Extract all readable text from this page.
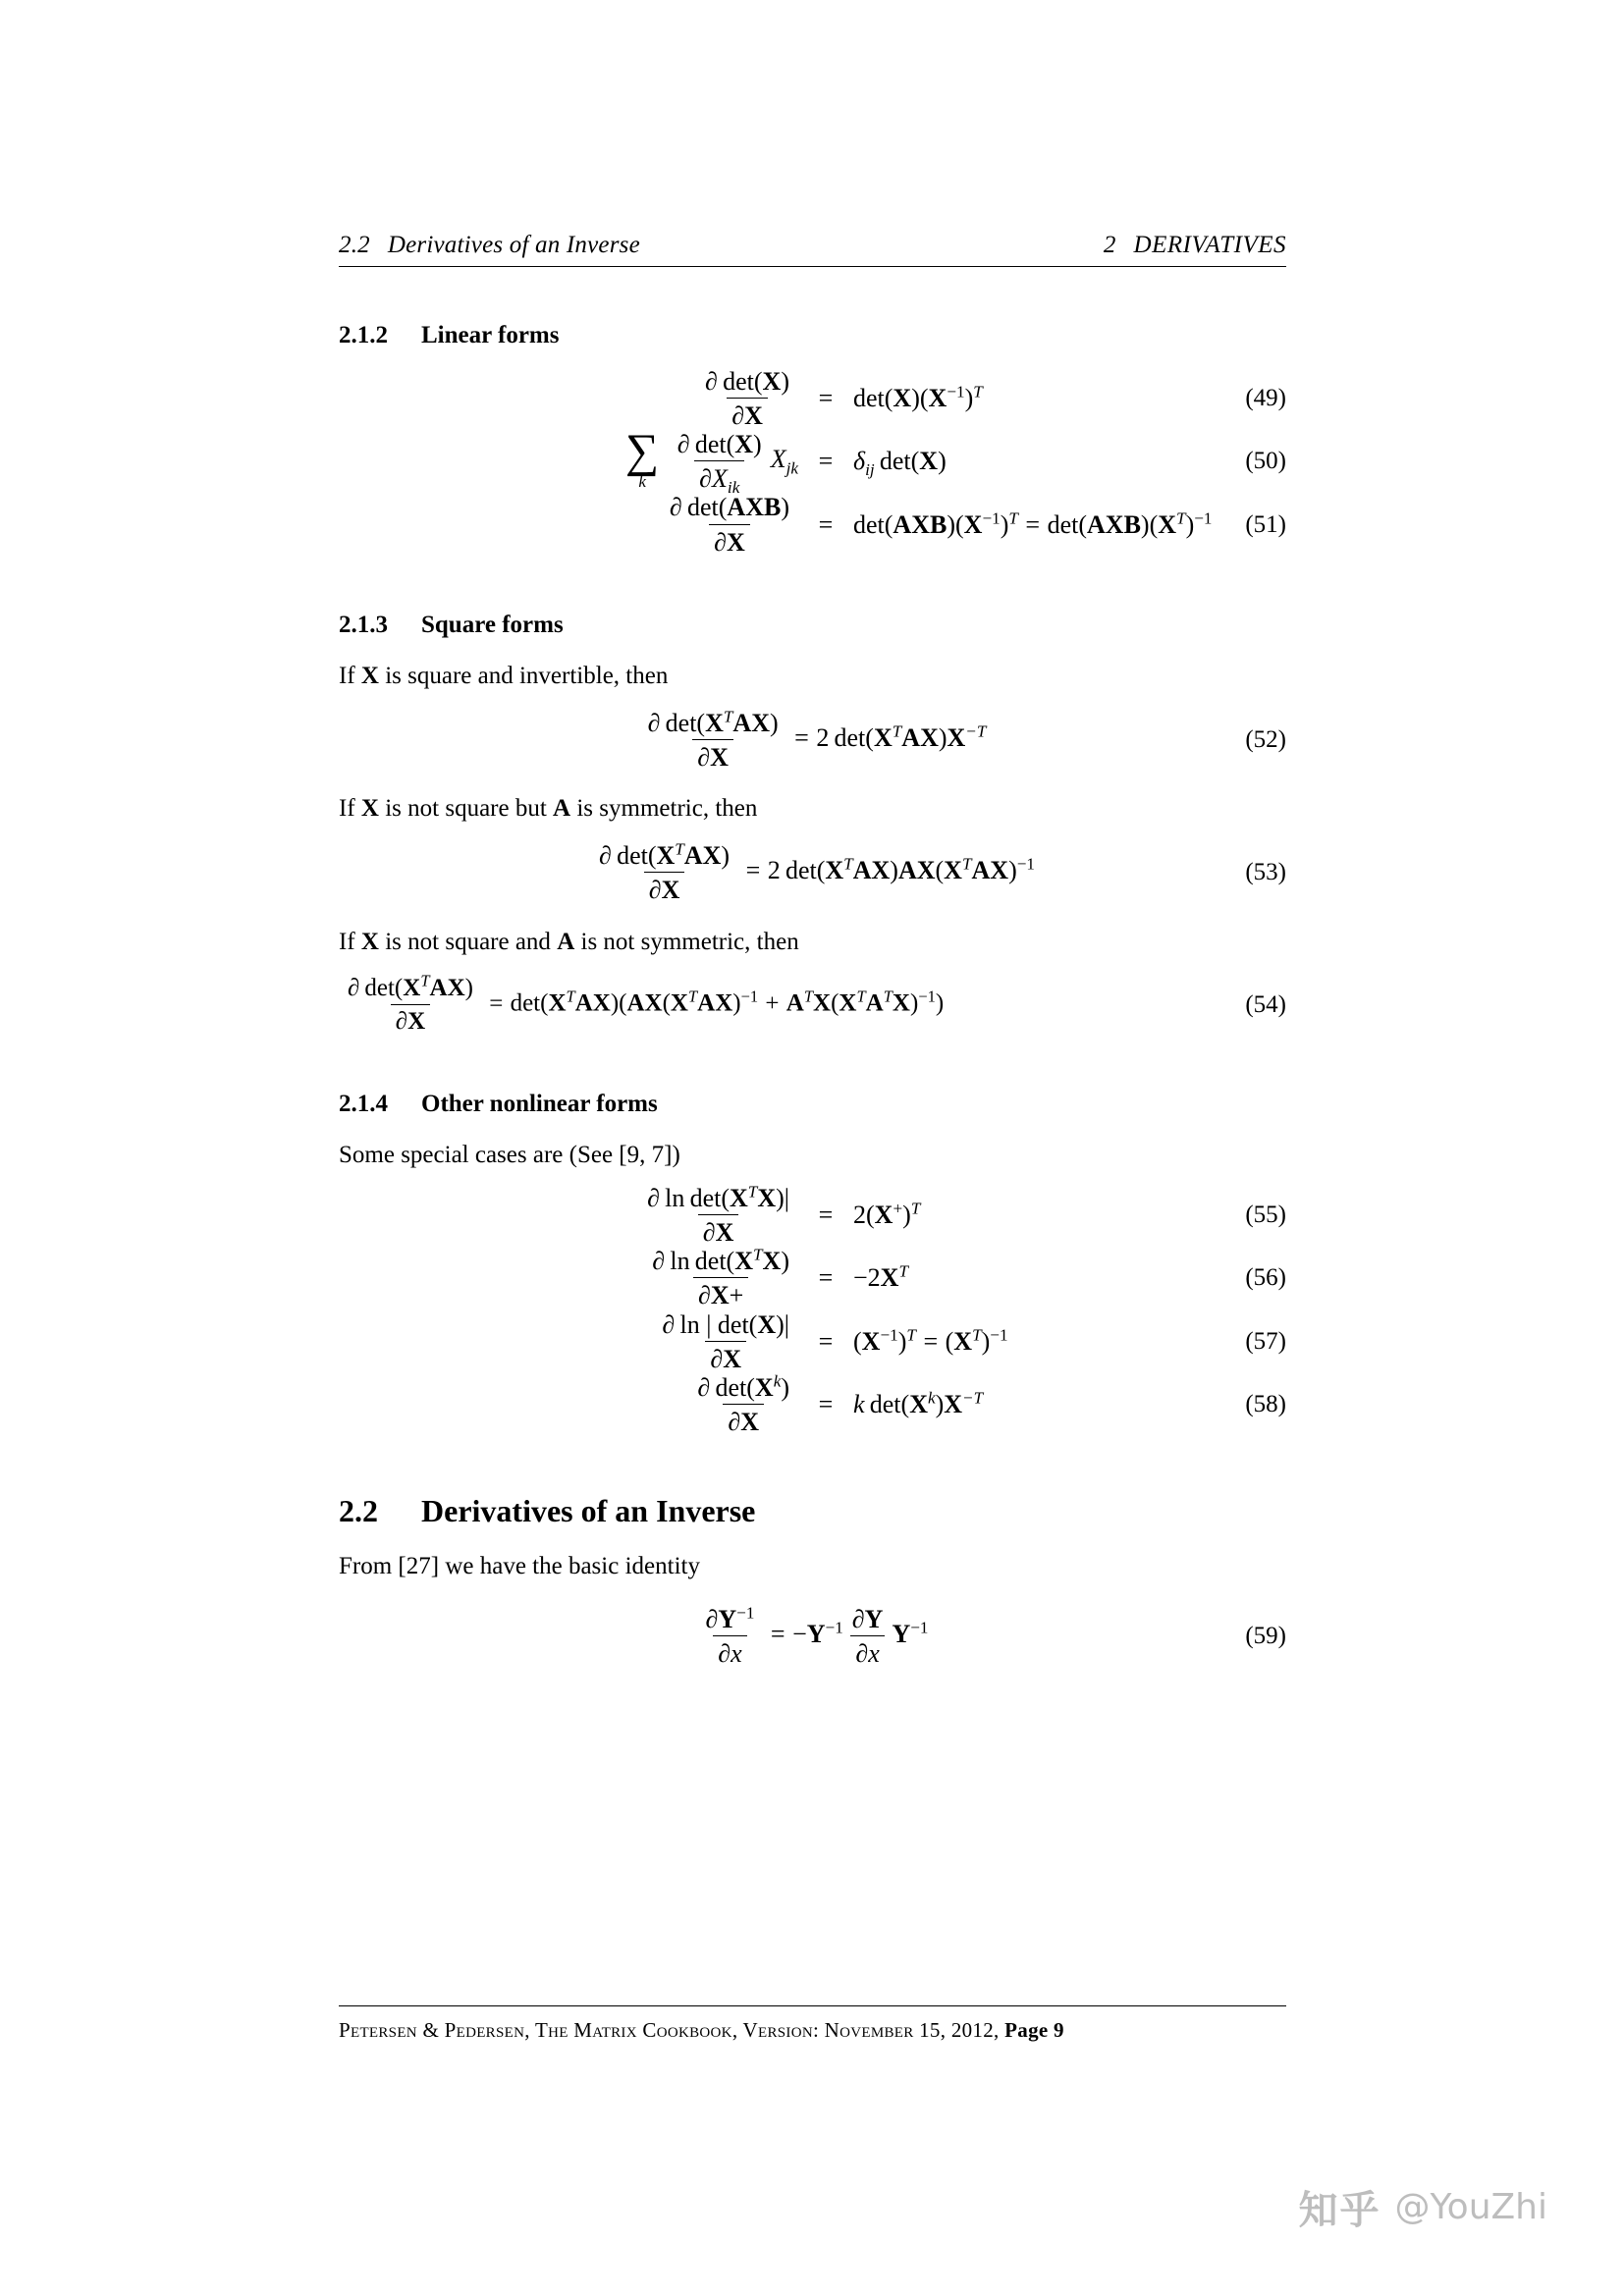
2.2 Derivatives of an Inverse	2 DERIVATIVES
2.1.2	Linear forms
$\frac{\partial \det(X)}{\partial X} = \det(X)(X^{-1})^T$	(49)
∑
k
$\frac{\partial \det(X)}{\partial X_{ik}} X_{jk} = \delta_{ij}$  det(X)	(50)
$\frac{\text{∂  det(AXB)}}{\partial X} = \det(AXB)(X^{-1})^T = \det(AXB)(X^T)^{-1}$ (51)
2.1.3	Square forms

If X is square and invertible, then

$\frac{\partial \det(X^TAX)}{\partial X} = 2$ $\det(X^TAX)X^{-T}$	(52)

If X is not square but A is symmetric, then

$\frac{\partial \det(X^TAX)}{\partial X} = 2$ $\det(X^TAX)AX(X^TAX)^{-1}$	(53)

If X is not square and A is not symmetric, then

$\frac{\partial \det(X^TAX)}{\partial X} = \det(X^TAX)(AX(X^TAX)^{-1} + A^TX(X^TA^TX)^{-1})$	(54)
2.1.4	Other nonlinear forms

Some special cases are (See [9, 7])

$\frac{\partial \ln \det(X^TX)|}{\partial X} = 2(X^+)^T$	(55)
$\frac{\partial \ln \det(X^TX)}{\partial X+} = -2X^T$	(56)
$\frac{\partial \ln | \det(X)|}{\partial X} = (X^{-1})^T = (X^T)^{-1}$	(57)
$\frac{\partial \det(X^k)}{\partial X} = k$  $\det(X^k)X^{-T}$	(58)
2.2	Derivatives of an Inverse

From [27] we have the basic identity

$\frac{\partial Y^{-1}}{\partial x} = -Y^{-1} \frac{\partial Y}{\partial x} Y^{-1}$	(59)
Petersen & Pedersen, The Matrix Cookbook, Version: November 15, 2012, Page 9
知乎 @YouZhi
